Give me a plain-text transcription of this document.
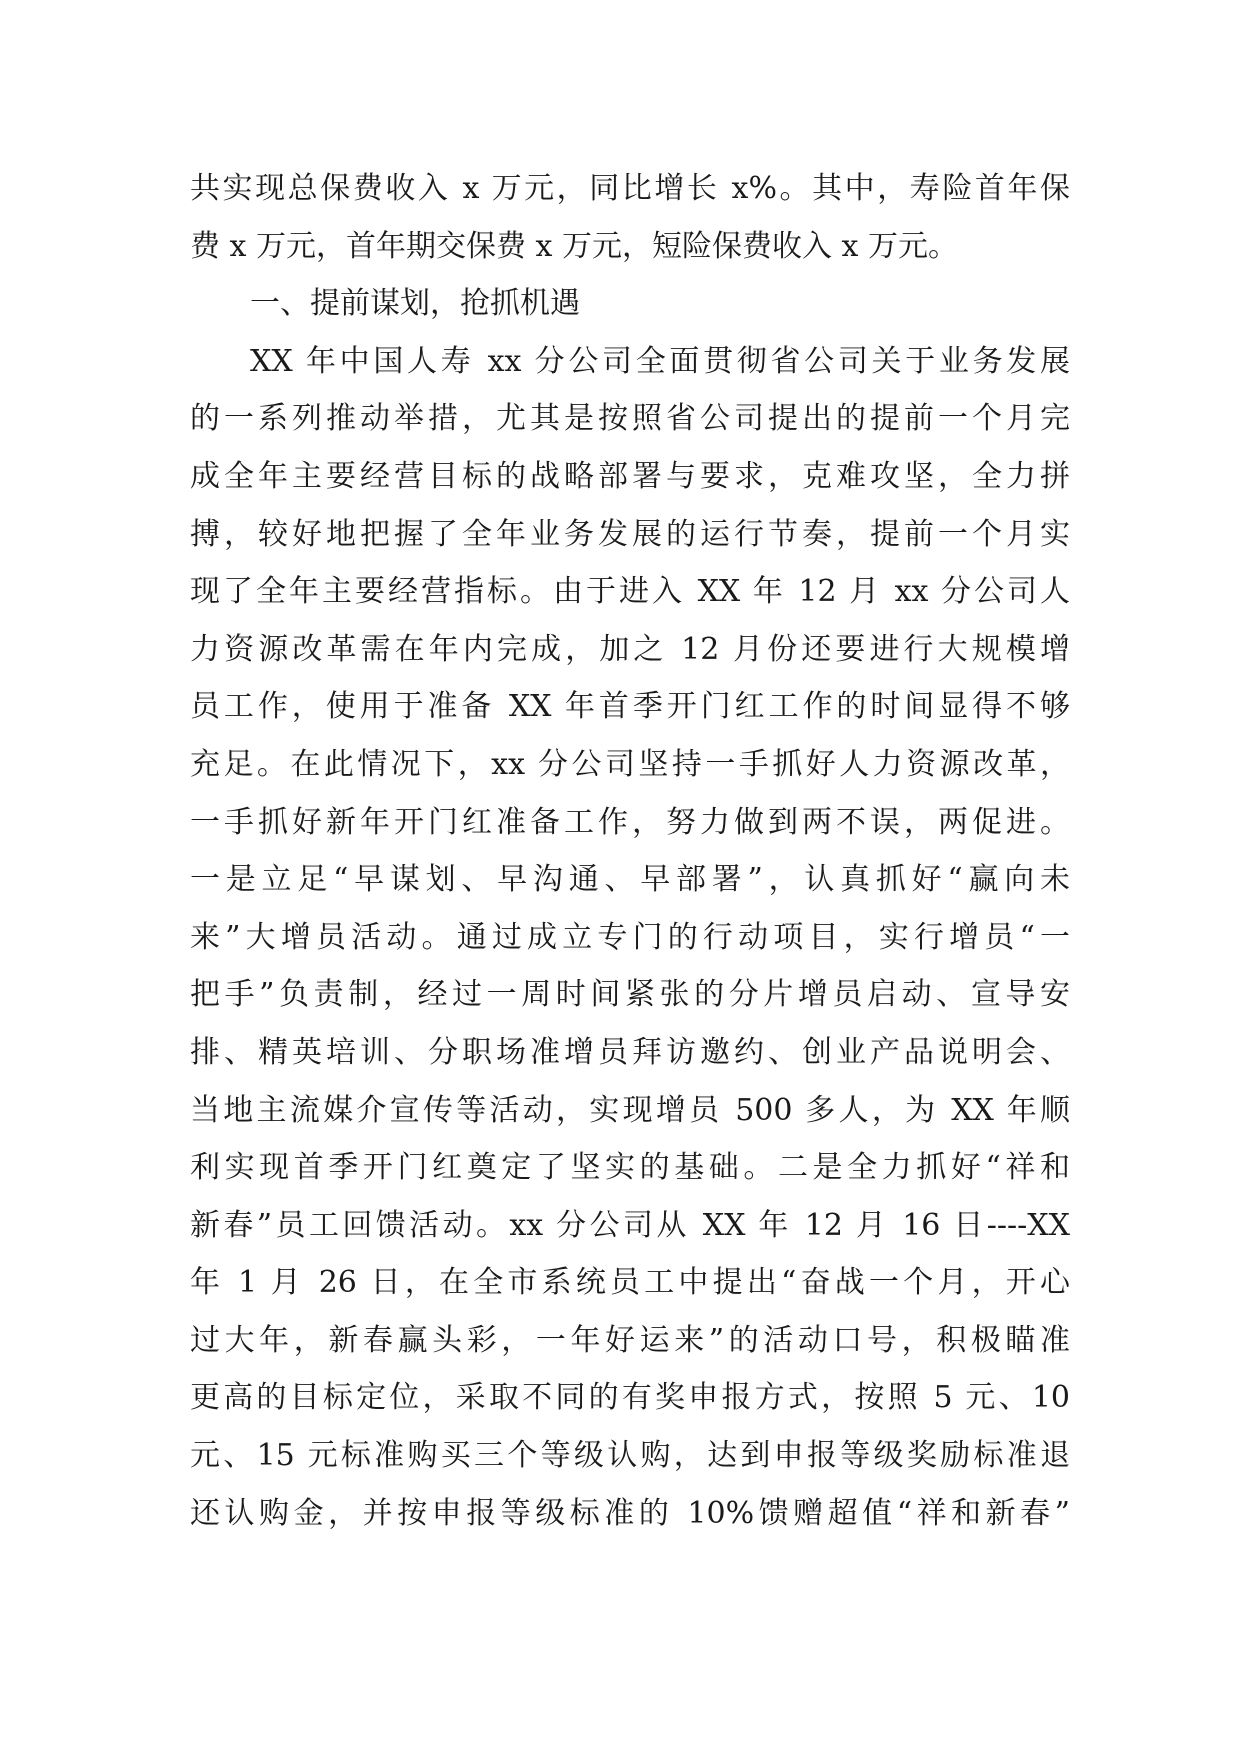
共实现总保费收入 x 万元，同比增长 x%。其中，寿险首年保
费 x 万元，首年期交保费 x 万元，短险保费收入 x 万元。
一、提前谋划，抢抓机遇
XX 年中国人寿 xx 分公司全面贯彻省公司关于业务发展
的一系列推动举措，尤其是按照省公司提出的提前一个月完
成全年主要经营目标的战略部署与要求，克难攻坚，全力拼
搏，较好地把握了全年业务发展的运行节奏，提前一个月实
现了全年主要经营指标。由于进入 XX 年 12 月 xx 分公司人
力资源改革需在年内完成，加之 12 月份还要进行大规模增
员工作，使用于准备 XX 年首季开门红工作的时间显得不够
充足。在此情况下，xx 分公司坚持一手抓好人力资源改革，
一手抓好新年开门红准备工作，努力做到两不误，两促进。
一是立足“早谋划、早沟通、早部署”，认真抓好“赢向未
来”大增员活动。通过成立专门的行动项目，实行增员“一
把手”负责制，经过一周时间紧张的分片增员启动、宣导安
排、精英培训、分职场准增员拜访邀约、创业产品说明会、
当地主流媒介宣传等活动，实现增员 500 多人，为 XX 年顺
利实现首季开门红奠定了坚实的基础。二是全力抓好“祥和
新春”员工回馈活动。xx 分公司从 XX 年 12 月 16 日----XX
年 1 月 26 日，在全市系统员工中提出“奋战一个月，开心
过大年，新春赢头彩，一年好运来”的活动口号，积极瞄准
更高的目标定位，采取不同的有奖申报方式，按照 5 元、10
元、15 元标准购买三个等级认购，达到申报等级奖励标准退
还认购金，并按申报等级标准的 10%馈赠超值“祥和新春”
